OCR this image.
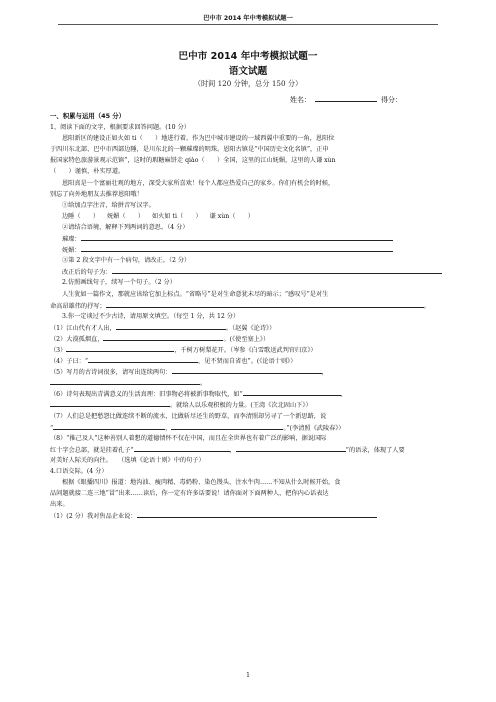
巴中市 2014 年中考模拟试题一
巴中市 2014 年中考模拟试题一
语文试题
（时间 120 分钟，总分 150 分）
姓名：	得分：
一、积累与运用（45 分）
1、阅读下面的文字，根据要求回答问题。(10 分）
恩阳新区的建设正如火如 ti（　　）地进行着，作为巴中城市建设的一域西翼中重要的一角，恩阳位
于四川东北部、巴中市西部边陲，是川东北的一颗璀璨的明珠。恩阳古镇是“中国历史文化名镇”，正申
报国家特色旅游景观示范镇”，这时的瑕糖麻饼走 qiào（　　）全国，这里的江山妩媚，这里的人谦 xùn
（　　）谨慎，朴实厚道。
恩阳真是一个富丽壮观的地方，深受大家所喜欢！每个人都应热爱自己的家乡。你们有机会的时候，
别忘了向外地朋友去推荐恩阳哦！
①给加点字注音，给拼音写汉字。
边陲（　　） 妩媚（　　） 如火如 ti（　　） 谦 xùn（　　）
②请结合语境，解释下列两词的意思。（4 分）
璀璨：
妩媚：
③第 2 段文字中有一个病句，请改正。（2 分）
改正后的句子为：
2.仿照画线句子，续写一个句子。（2 分）
人生犹如一篇作文，那就应该给它加上标点。“省略号”是对生命意犹未尽的暗示；“感叹号”是对生
命高昂雄伟的抒写；	。
3.你一定谈过不少古诗，请用原文填空。（每空 1 分，共 12 分）
（1）江山代有才人出，	。（赵翼《论诗》）
（2）大漠孤烟直，	。(《使至塞上》）
（3）	，千树万树梨花开。（岑参《白雪歌送武判官归京》）
（4）子曰：“	，见不贤而自省也”。(《论语十则》）
（5）写月的古诗词很多，请写出连续两句：	，
。
（6）诗句表现出青满意义的生活真理：旧事物必将被新事物取代，如“	，
。就给人以乐观积极的力量。(王湾《次北固山下》）
（7）人们总是把愁怨比做连续不断的流水，比做斩尽还生的野草，而李清照却另寻了一个新思路，说
“	，	。”(李清照《武陵春》）
（8）“推己及人”这种善别人着想的道德情怀不仅在中国，而且在全世界也有着广泛的影响，据说国际
红十字会总部，就是挂着孔子“	，	”的语录，体现了人要
对美好人际关的向往。　　（选填《论语十则》中的句子）
4.口语交际。(4 分）
根据《眼播四川》报道：地沟油、瘦肉精、毒奶粉、染色馒头、注水牛肉……不知从什么时候开始，食
品问题就接二连三地“冒”出来……读后，你一定有许多话要说！请你面对下面两种人，把你内心话表达
出来。
（1）(2 分）我对售品企业说：
1
